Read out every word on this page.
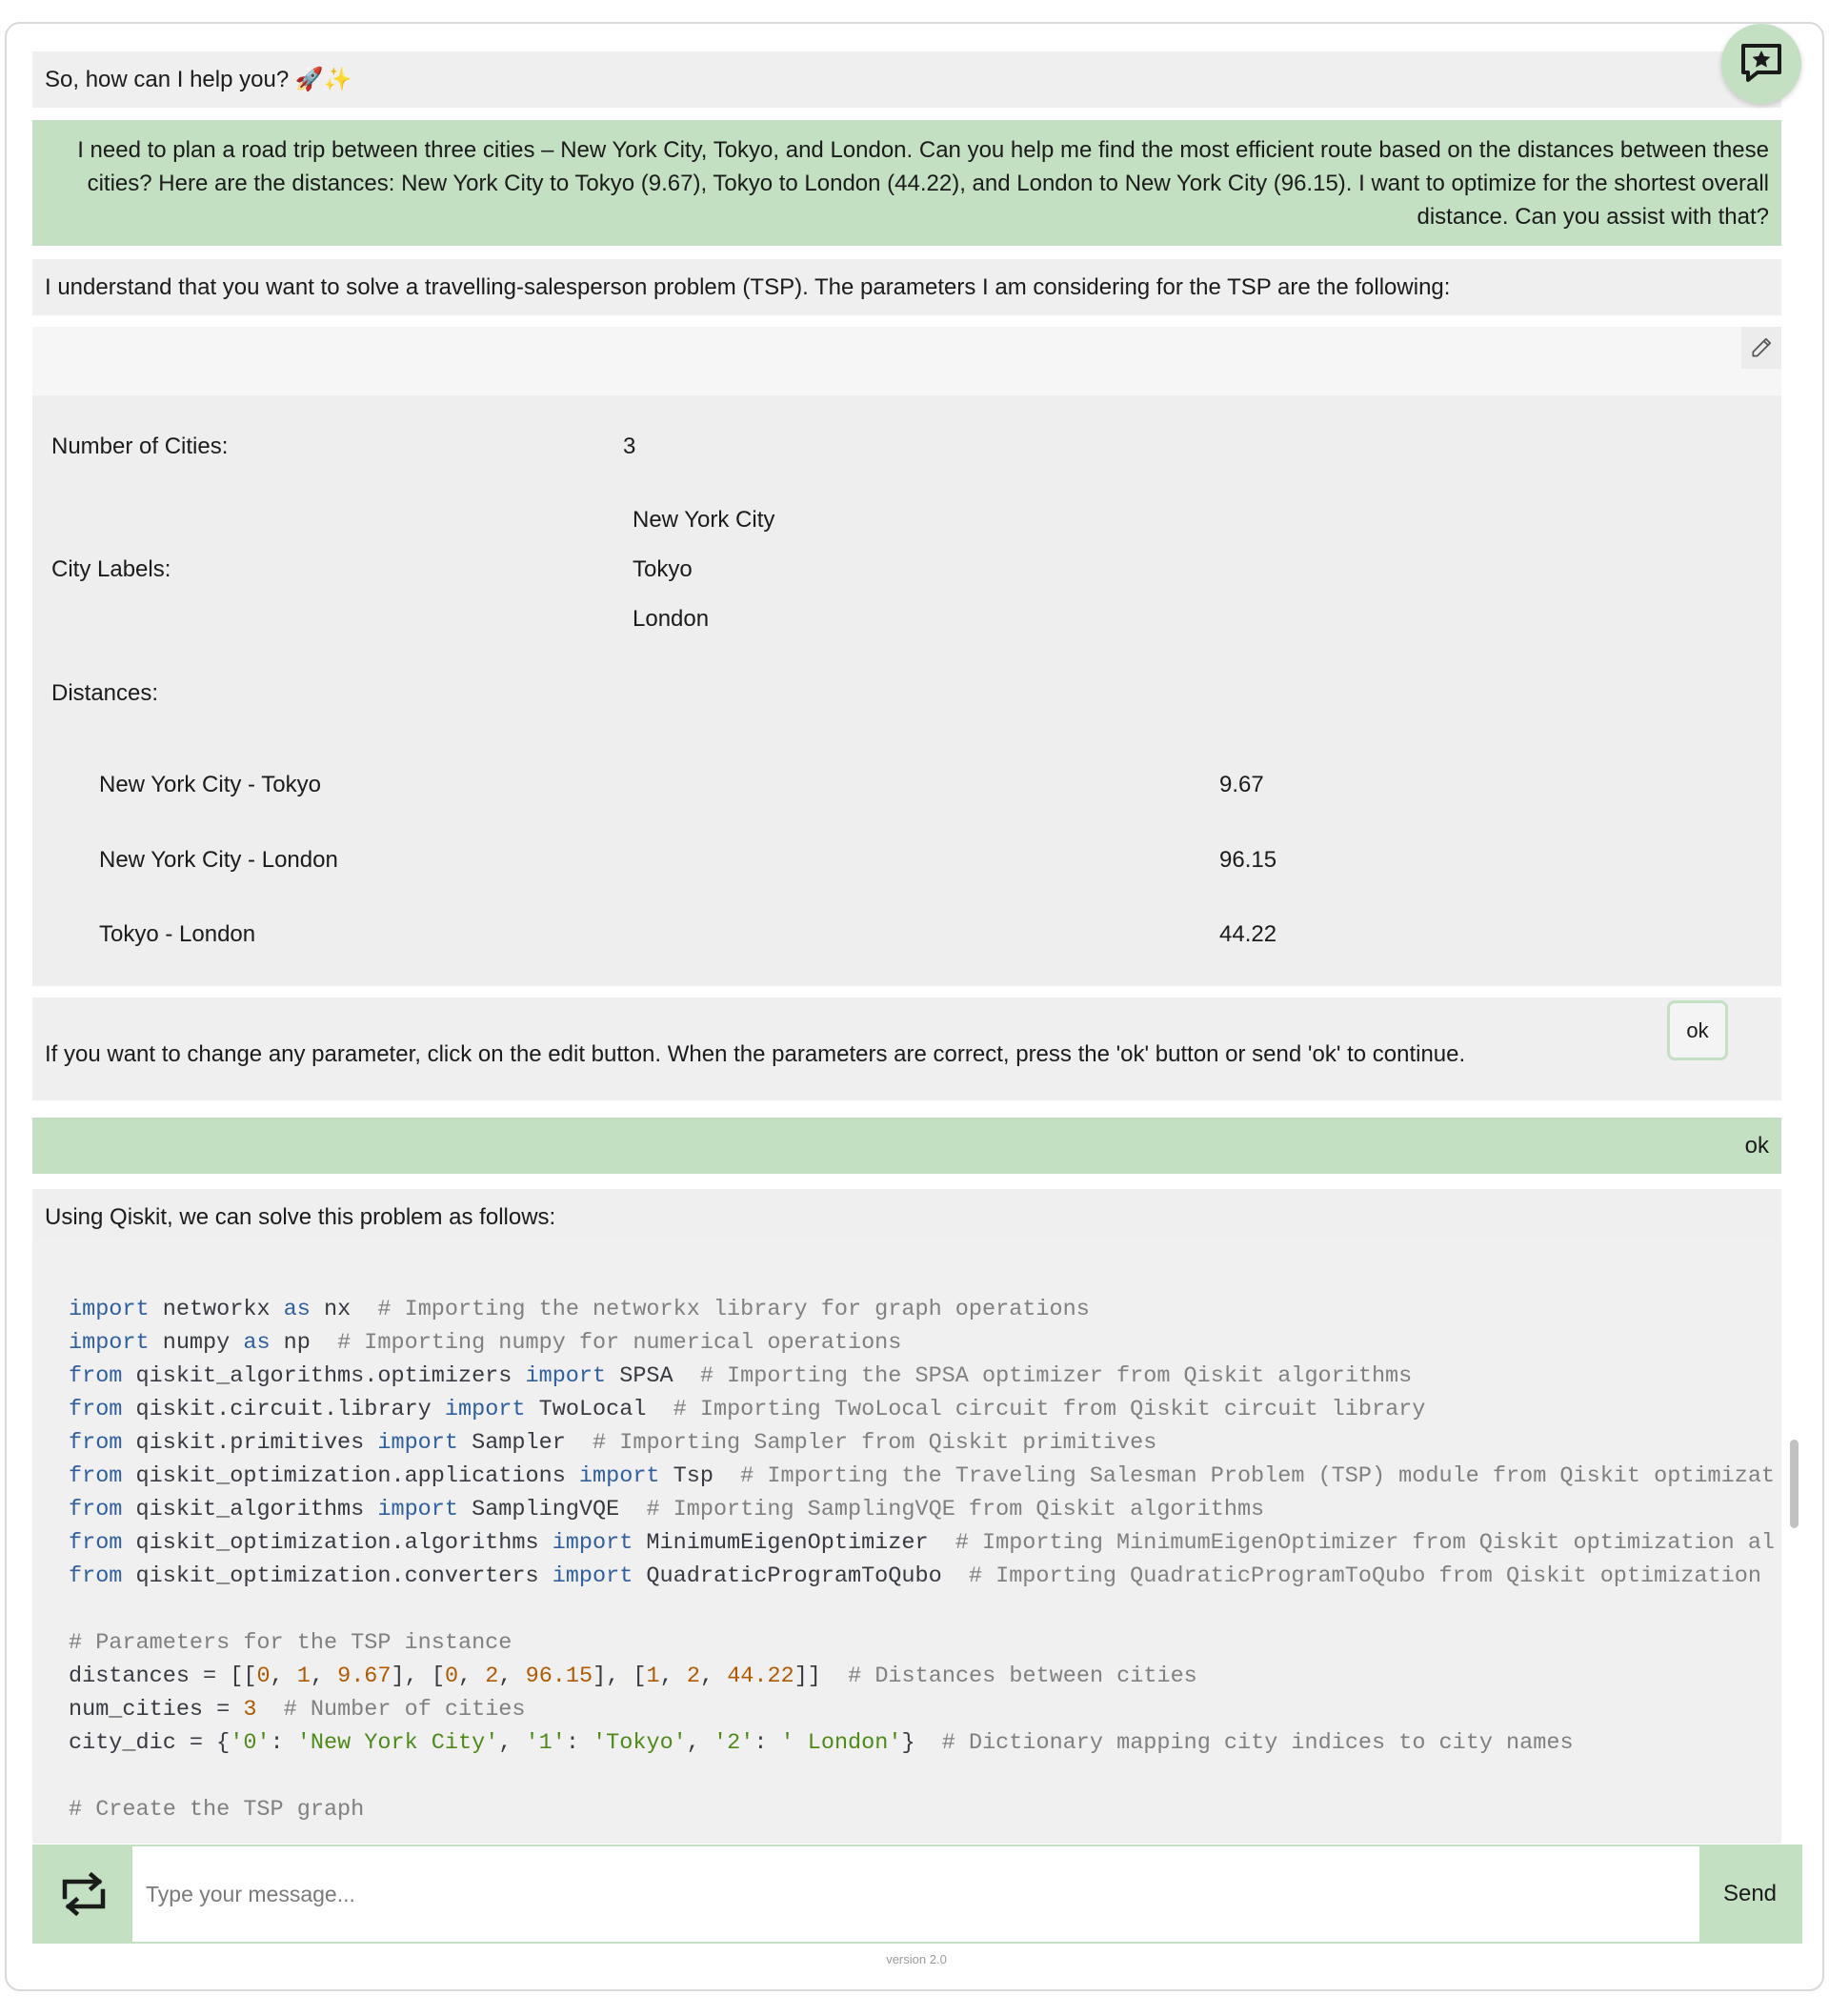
So, how can I help you? 🚀✨
I need to plan a road trip between three cities – New York City, Tokyo, and London. Can you help me find the most efficient route based on the distances between these cities? Here are the distances: New York City to Tokyo (9.67), Tokyo to London (44.22), and London to New York City (96.15). I want to optimize for the shortest overall distance. Can you assist with that?
I understand that you want to solve a travelling-salesperson problem (TSP). The parameters I am considering for the TSP are the following:
Number of Cities:	3
New York City
City Labels:	Tokyo
London
Distances:
New York City - Tokyo	9.67
New York City - London	96.15
Tokyo - London	44.22
If you want to change any parameter, click on the edit button. When the parameters are correct, press the 'ok' button or send 'ok' to continue.
ok
ok
Using Qiskit, we can solve this problem as follows:
import networkx as nx  # Importing the networkx library for graph operations
import numpy as np  # Importing numpy for numerical operations
from qiskit_algorithms.optimizers import SPSA  # Importing the SPSA optimizer from Qiskit algorithms
from qiskit.circuit.library import TwoLocal  # Importing TwoLocal circuit from Qiskit circuit library
from qiskit.primitives import Sampler  # Importing Sampler from Qiskit primitives
from qiskit_optimization.applications import Tsp  # Importing the Traveling Salesman Problem (TSP) module from Qiskit optimizat
from qiskit_algorithms import SamplingVQE  # Importing SamplingVQE from Qiskit algorithms
from qiskit_optimization.algorithms import MinimumEigenOptimizer  # Importing MinimumEigenOptimizer from Qiskit optimization al
from qiskit_optimization.converters import QuadraticProgramToQubo  # Importing QuadraticProgramToQubo from Qiskit optimization

# Parameters for the TSP instance
distances = [[0, 1, 9.67], [0, 2, 96.15], [1, 2, 44.22]]  # Distances between cities
num_cities = 3 # Number of cities
city_dic = {'0': 'New York City', '1': 'Tokyo', '2': ' London'}  # Dictionary mapping city indices to city names

# Create the TSP graph

Type your message...
Send
version 2.0
